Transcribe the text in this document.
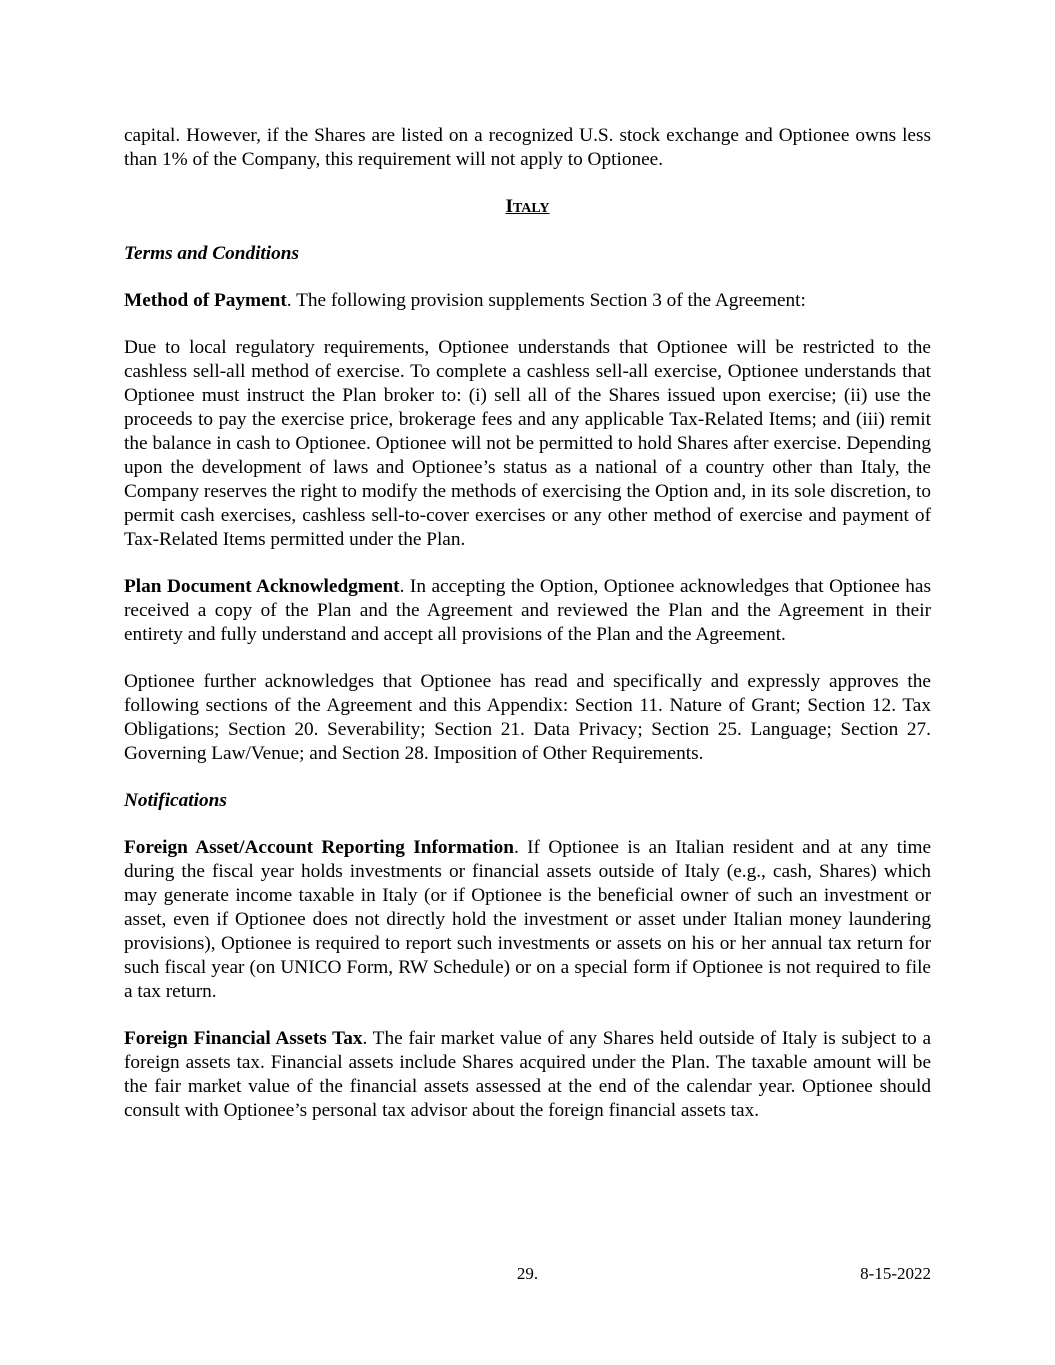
capital. However, if the Shares are listed on a recognized U.S. stock exchange and Optionee owns less than 1% of the Company, this requirement will not apply to Optionee.

Italy
Terms and Conditions

Method of Payment. The following provision supplements Section 3 of the Agreement:

Due to local regulatory requirements, Optionee understands that Optionee will be restricted to the cashless sell-all method of exercise. To complete a cashless sell-all exercise, Optionee understands that Optionee must instruct the Plan broker to: (i) sell all of the Shares issued upon exercise; (ii) use the proceeds to pay the exercise price, brokerage fees and any applicable Tax-Related Items; and (iii) remit the balance in cash to Optionee. Optionee will not be permitted to hold Shares after exercise. Depending upon the development of laws and Optionee’s status as a national of a country other than Italy, the Company reserves the right to modify the methods of exercising the Option and, in its sole discretion, to permit cash exercises, cashless sell-to-cover exercises or any other method of exercise and payment of Tax-Related Items permitted under the Plan.

Plan Document Acknowledgment. In accepting the Option, Optionee acknowledges that Optionee has received a copy of the Plan and the Agreement and reviewed the Plan and the Agreement in their entirety and fully understand and accept all provisions of the Plan and the Agreement.

Optionee further acknowledges that Optionee has read and specifically and expressly approves the following sections of the Agreement and this Appendix: Section 11. Nature of Grant; Section 12. Tax Obligations; Section 20. Severability; Section 21. Data Privacy; Section 25. Language; Section 27. Governing Law/Venue; and Section 28. Imposition of Other Requirements.

Notifications

Foreign Asset/Account Reporting Information. If Optionee is an Italian resident and at any time during the fiscal year holds investments or financial assets outside of Italy (e.g., cash, Shares) which may generate income taxable in Italy (or if Optionee is the beneficial owner of such an investment or asset, even if Optionee does not directly hold the investment or asset under Italian money laundering provisions), Optionee is required to report such investments or assets on his or her annual tax return for such fiscal year (on UNICO Form, RW Schedule) or on a special form if Optionee is not required to file a tax return.

Foreign Financial Assets Tax. The fair market value of any Shares held outside of Italy is subject to a foreign assets tax. Financial assets include Shares acquired under the Plan. The taxable amount will be the fair market value of the financial assets assessed at the end of the calendar year. Optionee should consult with Optionee’s personal tax advisor about the foreign financial assets tax.

29.	8-15-2022
